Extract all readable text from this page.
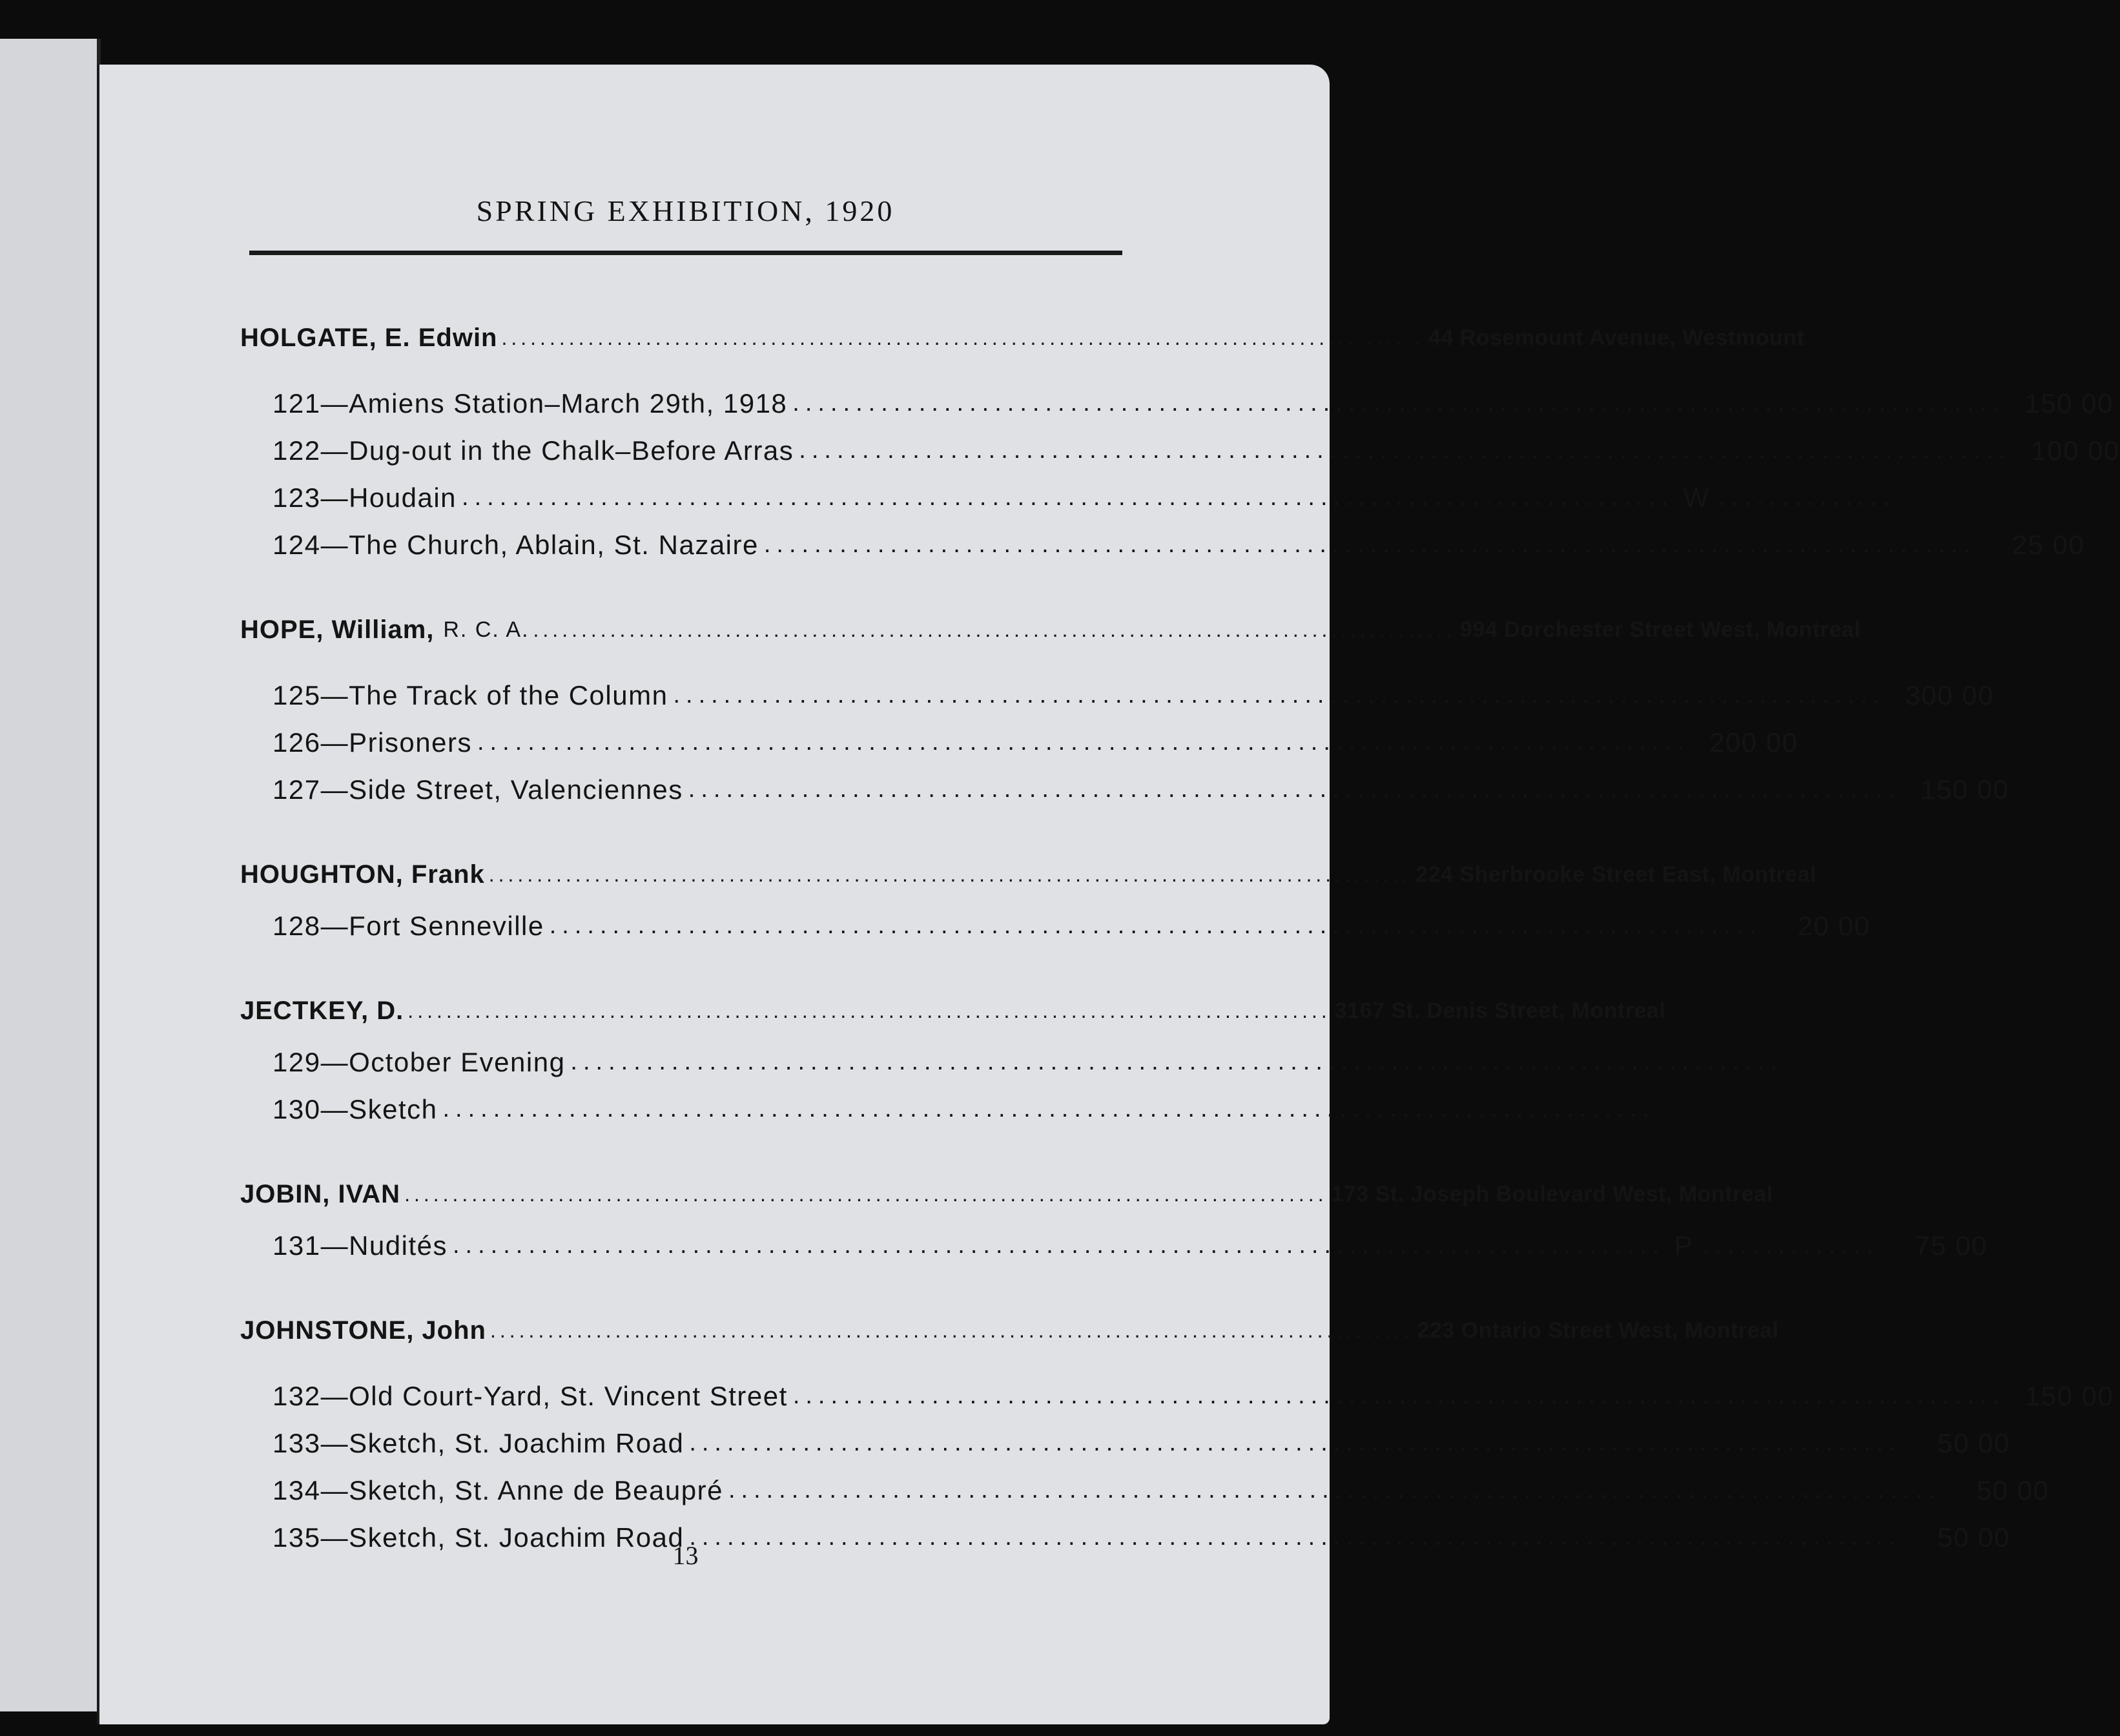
SPRING EXHIBITION, 1920
HOLGATE, E. Edwin ................................................................................................ 44 Rosemount Avenue, Westmount
121—Amiens Station–March 29th, 1918 ................................................................................................ 150 00
122—Dug-out in the Chalk–Before Arras ................................................................................................ 100 00
123—Houdain ................................................................................................ W ..............
124—The Church, Ablain, St. Nazaire ................................................................................................	25 00
HOPE, William, R. C. A. ................................................................................................ 994 Dorchester Street West, Montreal
125—The Track of the Column ................................................................................................ 300 00
126—Prisoners ................................................................................................ 200 00
127—Side Street, Valenciennes ................................................................................................ 150 00
HOUGHTON, Frank ................................................................................................ 224 Sherbrooke Street East, Montreal
128—Fort Senneville ................................................................................................	20 00
JECTKEY, D. ................................................................................................ 3167 St. Denis Street, Montreal
129—October Evening ................................................................................................
130—Sketch ................................................................................................
JOBIN, IVAN ................................................................................................ 173 St. Joseph Boulevard West, Montreal
131—Nudités ................................................................................................ P ..............	75 00
JOHNSTONE, John ................................................................................................ 223 Ontario Street West, Montreal
132—Old Court-Yard, St. Vincent Street ................................................................................................ 150 00
133—Sketch, St. Joachim Road ................................................................................................	50 00
134—Sketch, St. Anne de Beaupré ................................................................................................	50 00
135—Sketch, St. Joachim Road ................................................................................................	50 00
13
